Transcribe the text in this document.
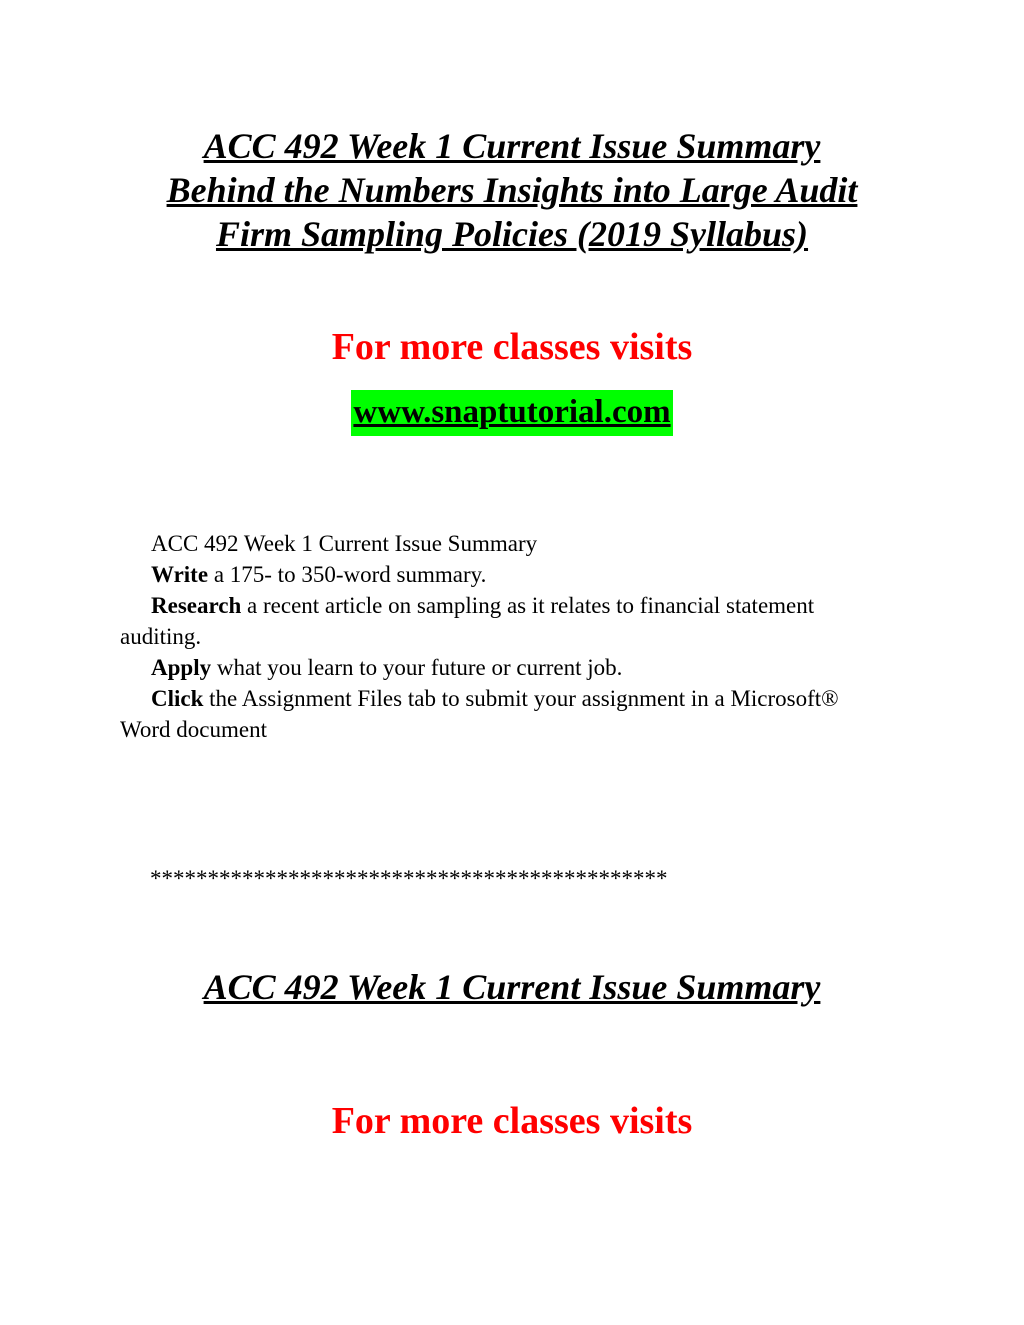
ACC 492 Week 1 Current Issue Summary
Behind the Numbers Insights into Large Audit
Firm Sampling Policies (2019 Syllabus)
For more classes visits
www.snaptutorial.com
ACC 492 Week 1 Current Issue Summary
Write a 175- to 350-word summary.
Research a recent article on sampling as it relates to financial statement auditing.
Apply what you learn to your future or current job.
Click the Assignment Files tab to submit your assignment in a Microsoft® Word document
*********************************************
ACC 492 Week 1 Current Issue Summary
For more classes visits
